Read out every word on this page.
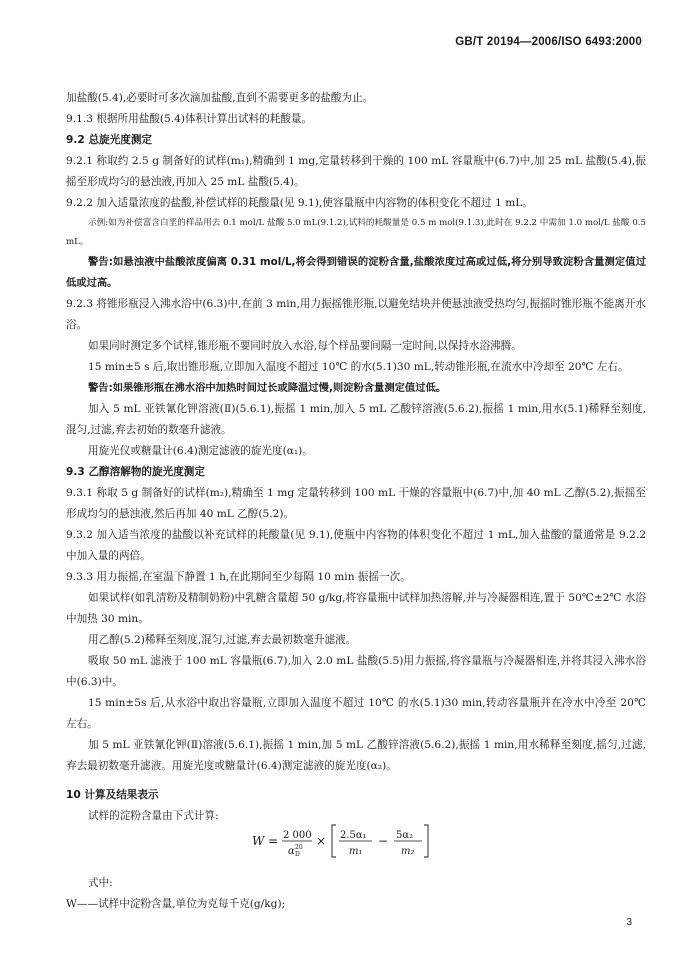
GB/T 20194—2006/ISO 6493:2000

加盐酸(5.4),必要时可多次滴加盐酸,直到不需要更多的盐酸为止。

9.1.3 根据所用盐酸(5.4)体积计算出试料的耗酸量。

9.2 总旋光度测定

9.2.1 称取约 2.5 g 制备好的试样(m₁),精确到 1 mg,定量转移到干燥的 100 mL 容量瓶中(6.7)中,加 25 mL 盐酸(5.4),振摇至形成均匀的悬浊液,再加入 25 mL 盐酸(5.4)。

9.2.2 加入适量浓度的盐酸,补偿试样的耗酸量(见 9.1),使容量瓶中内容物的体积变化不超过 1 mL。

示例:如为补偿富含白垩的样品用去 0.1 mol/L 盐酸 5.0 mL(9.1.2),试料的耗酸量是 0.5 m mol(9.1.3),此时在 9.2.2 中需加 1.0 mol/L 盐酸 0.5 mL。

警告:如悬浊液中盐酸浓度偏离 0.31 mol/L,将会得到错误的淀粉含量,盐酸浓度过高或过低,将分别导致淀粉含量测定值过低或过高。

9.2.3 将锥形瓶浸入沸水浴中(6.3)中,在前 3 min,用力振摇锥形瓶,以避免结块并使悬浊液受热均匀,振摇时锥形瓶不能离开水浴。

如果同时测定多个试样,锥形瓶不要同时放入水浴,每个样品要间隔一定时间,以保持水浴沸腾。

15 min±5 s 后,取出锥形瓶,立即加入温度不超过 10℃ 的水(5.1)30 mL,转动锥形瓶,在流水中冷却至 20℃ 左右。

警告:如果锥形瓶在沸水浴中加热时间过长或降温过慢,则淀粉含量测定值过低。

加入 5 mL 亚铁氰化钾溶液(Ⅱ)(5.6.1),振摇 1 min,加入 5 mL 乙酸锌溶液(5.6.2),振摇 1 min,用水(5.1)稀释至刻度,混匀,过滤,弃去初始的数毫升滤液。

用旋光仪或糖量计(6.4)测定滤液的旋光度(α₁)。

9.3 乙醇溶解物的旋光度测定

9.3.1 称取 5 g 制备好的试样(m₂),精确至 1 mg 定量转移到 100 mL 干燥的容量瓶中(6.7)中,加 40 mL 乙醇(5.2),振摇至形成均匀的悬浊液,然后再加 40 mL 乙醇(5.2)。

9.3.2 加入适当浓度的盐酸以补充试样的耗酸量(见 9.1),使瓶中内容物的体积变化不超过 1 mL,加入盐酸的量通常是 9.2.2 中加入量的两倍。

9.3.3 用力振摇,在室温下静置 1 h,在此期间至少每隔 10 min 振摇一次。

如果试样(如乳清粉及精制奶粉)中乳糖含量超 50 g/kg,将容量瓶中试样加热溶解,并与冷凝器相连,置于 50℃±2℃ 水浴中加热 30 min。

用乙醇(5.2)稀释至刻度,混匀,过滤,弃去最初数毫升滤液。

吸取 50 mL 滤液于 100 mL 容量瓶(6.7),加入 2.0 mL 盐酸(5.5)用力振摇,将容量瓶与冷凝器相连,并将其浸入沸水浴中(6.3)中。

15 min±5s 后,从水浴中取出容量瓶,立即加入温度不超过 10℃ 的水(5.1)30 min,转动容量瓶并在冷水中冷至 20℃ 左右。

加 5 mL 亚铁氰化钾(Ⅱ)溶液(5.6.1),振摇 1 min,加 5 mL 乙酸锌溶液(5.6.2),振摇 1 min,用水稀释至刻度,摇匀,过滤,弃去最初数毫升滤液。用旋光度或糖量计(6.4)测定滤液的旋光度(α₂)。

10 计算及结果表示

试样的淀粉含量由下式计算:

式中:

W——试样中淀粉含量,单位为克每千克(g/kg);

W = 2 000
α 20
D
× 2.5α₁
m₁
− 5α₂
m₂
3
